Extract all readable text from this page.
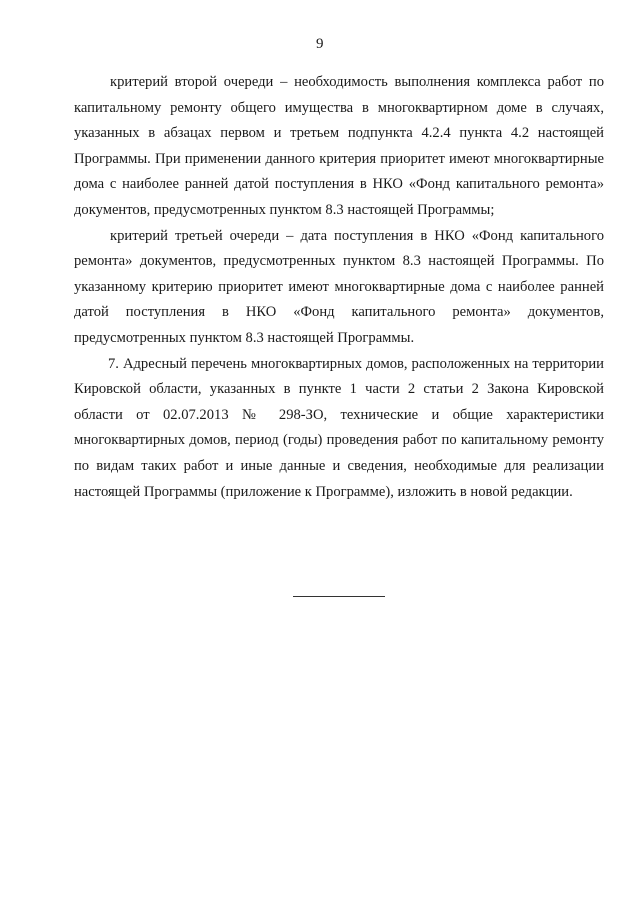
9

критерий второй очереди – необходимость выполнения комплекса работ по капитальному ремонту общего имущества в многоквартирном доме в случаях, указанных в абзацах первом и третьем подпункта 4.2.4 пункта 4.2 настоящей Программы. При применении данного критерия приоритет имеют многоквартирные дома с наиболее ранней датой поступления в НКО «Фонд капитального ремонта» документов, предусмотренных пунктом 8.3 настоящей Программы;

критерий третьей очереди – дата поступления в НКО «Фонд капитального ремонта» документов, предусмотренных пунктом 8.3 настоящей Программы. По указанному критерию приоритет имеют многоквартирные дома с наиболее ранней датой поступления в НКО «Фонд капитального ремонта» документов, предусмотренных пунктом 8.3 настоящей Программы.

7. Адресный перечень многоквартирных домов, расположенных на территории Кировской области, указанных в пункте 1 части 2 статьи 2 Закона Кировской области от 02.07.2013 № 298-ЗО, технические и общие характеристики многоквартирных домов, период (годы) проведения работ по капитальному ремонту по видам таких работ и иные данные и сведения, необходимые для реализации настоящей Программы (приложение к Программе), изложить в новой редакции.
